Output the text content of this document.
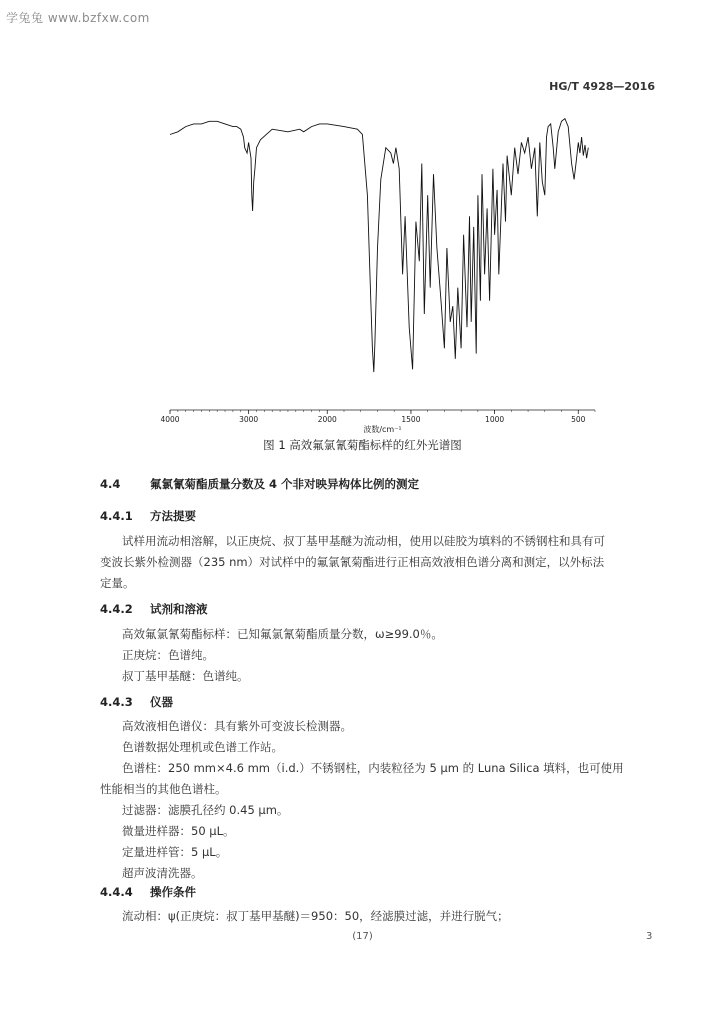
学兔兔 www.bzfxw.com
HG/T 4928—2016
4000	3000	2000	1500	1000	500
波数/cm⁻¹
图 1 高效氟氯氰菊酯标样的红外光谱图
4.4	氟氯氰菊酯质量分数及 4 个非对映异构体比例的测定
4.4.1 方法提要
试样用流动相溶解，以正庚烷、叔丁基甲基醚为流动相，使用以硅胶为填料的不锈钢柱和具有可
变波长紫外检测器（235 nm）对试样中的氟氯氰菊酯进行正相高效液相色谱分离和测定，以外标法
定量。
4.4.2 试剂和溶液
高效氟氯氰菊酯标样：已知氟氯氰菊酯质量分数，ω≥99.0％。
正庚烷：色谱纯。
叔丁基甲基醚：色谱纯。
4.4.3 仪器
高效液相色谱仪：具有紫外可变波长检测器。
色谱数据处理机或色谱工作站。
色谱柱：250 mm×4.6 mm（i.d.）不锈钢柱，内装粒径为 5 μm 的 Luna Silica 填料，也可使用
性能相当的其他色谱柱。
过滤器：滤膜孔径约 0.45 μm。
微量进样器：50 μL。
定量进样管：5 μL。
超声波清洗器。
4.4.4 操作条件
流动相：ψ(正庚烷：叔丁基甲基醚)＝950：50，经滤膜过滤，并进行脱气；
(17)	3
